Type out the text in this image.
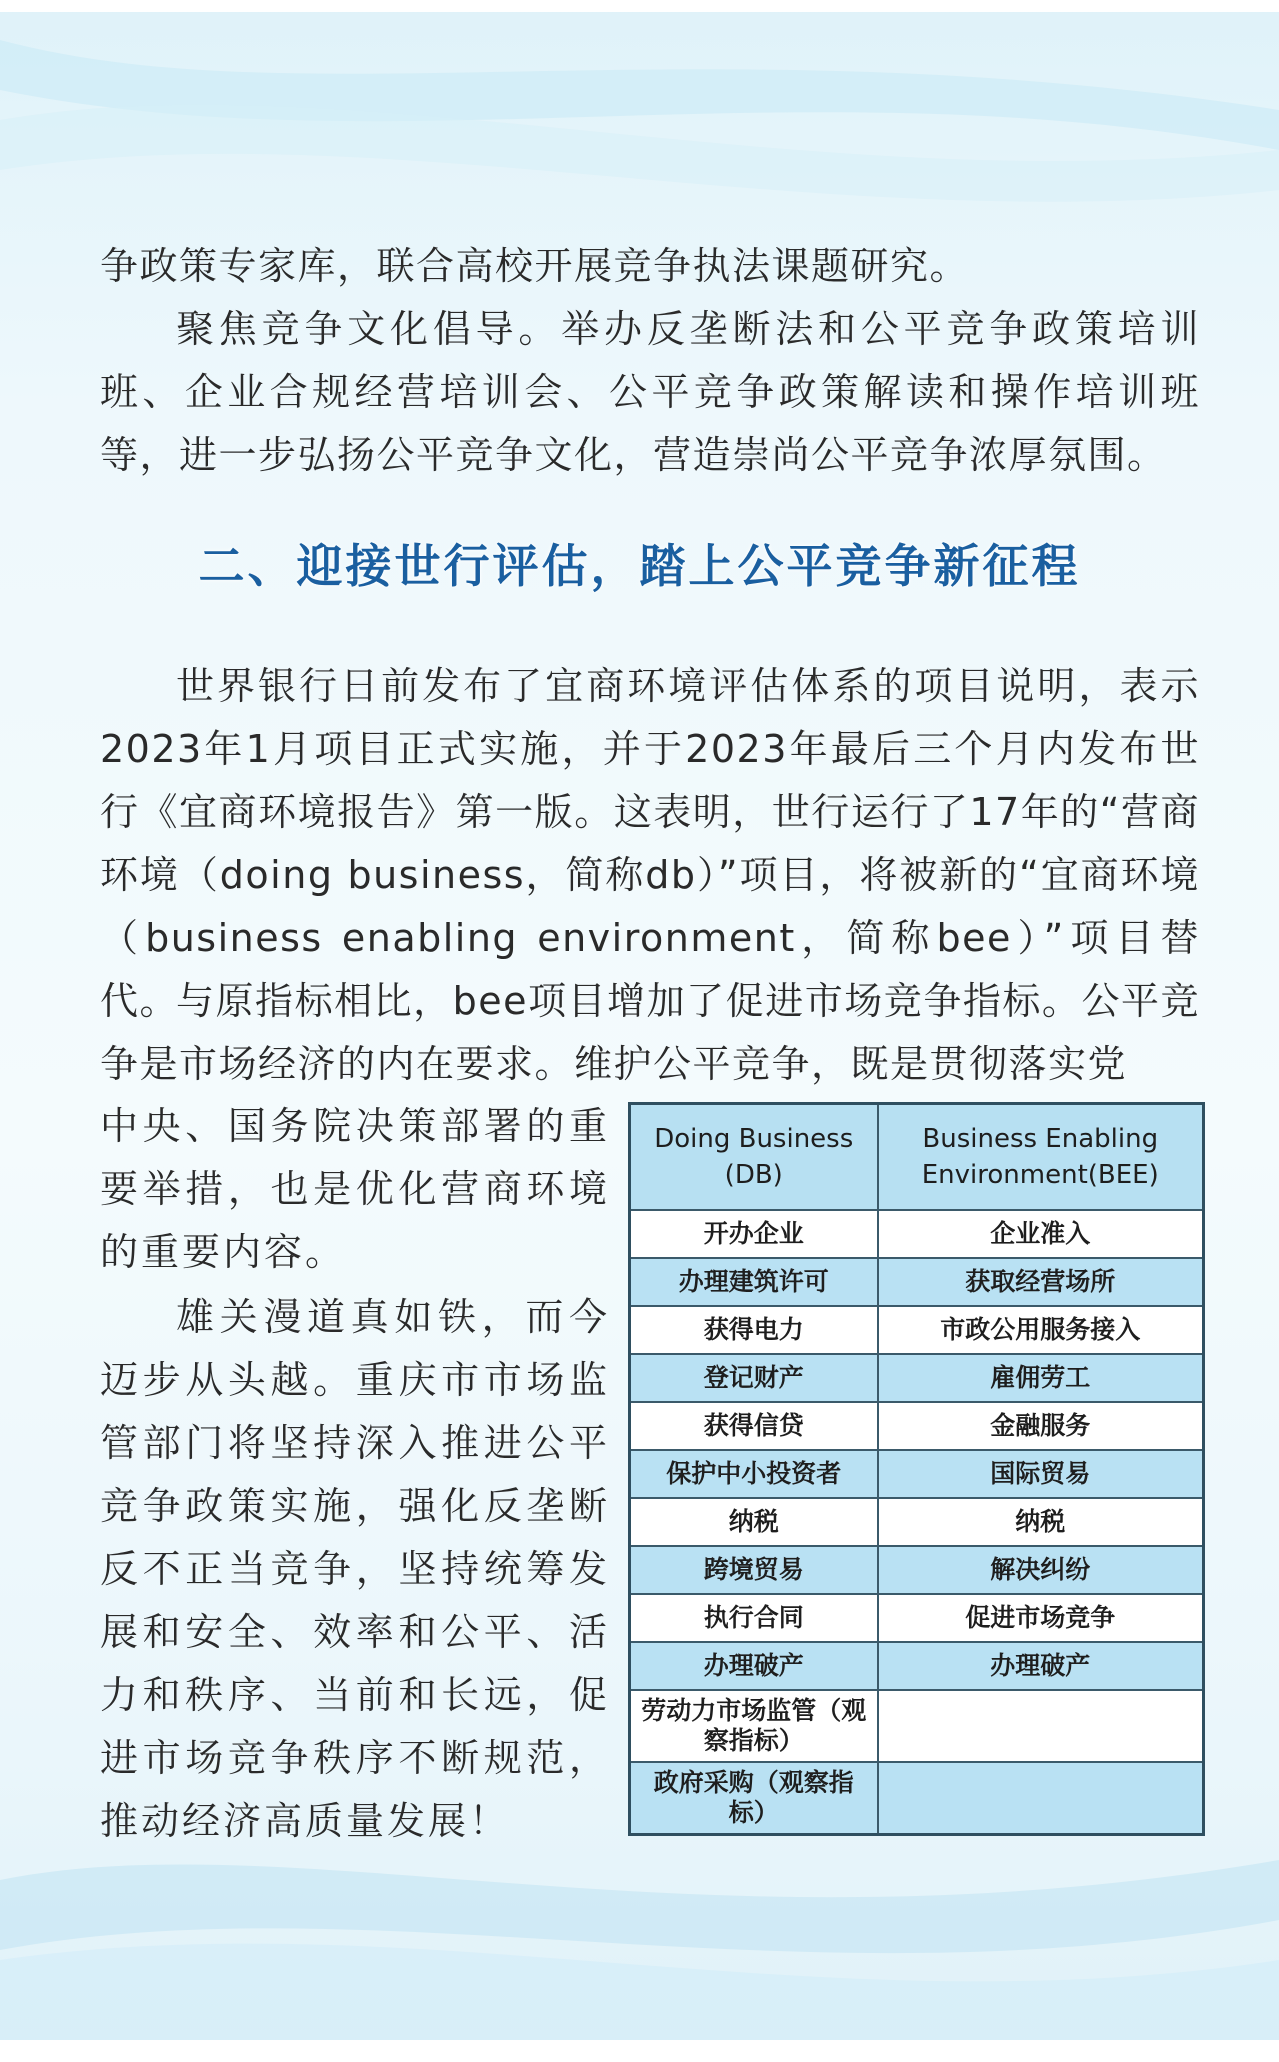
争政策专家库，联合高校开展竞争执法课题研究。

聚焦竞争文化倡导。举办反垄断法和公平竞争政策培训班、企业合规经营培训会、公平竞争政策解读和操作培训班等，进一步弘扬公平竞争文化，营造崇尚公平竞争浓厚氛围。

二、迎接世行评估，踏上公平竞争新征程

世界银行日前发布了宜商环境评估体系的项目说明，表示2023年1月项目正式实施，并于2023年最后三个月内发布世行《宜商环境报告》第一版。这表明，世行运行了17年的“营商环境（doing business，简称db）”项目，将被新的“宜商环境（business enabling environment，简称bee）”项目替代。

与原指标相比，bee项目增加了促进市场竞争指标。公平竞争是市场经济的内在要求。维护公平竞争，既是贯彻落实党

中央、国务院决策部署的重要举措，也是优化营商环境的重要内容。

雄关漫道真如铁，而今迈步从头越。重庆市市场监管部门将坚持深入推进公平竞争政策实施，强化反垄断反不正当竞争，坚持统筹发展和安全、效率和公平、活力和秩序、当前和长远，促进市场竞争秩序不断规范，推动经济高质量发展！

Doing Business (DB)	Business Enabling Environment(BEE)
开办企业	企业准入
办理建筑许可	获取经营场所
获得电力	市政公用服务接入
登记财产	雇佣劳工
获得信贷	金融服务
保护中小投资者	国际贸易
纳税	纳税
跨境贸易	解决纠纷
执行合同	促进市场竞争
办理破产	办理破产
劳动力市场监管（观察指标）	
政府采购（观察指标）	
